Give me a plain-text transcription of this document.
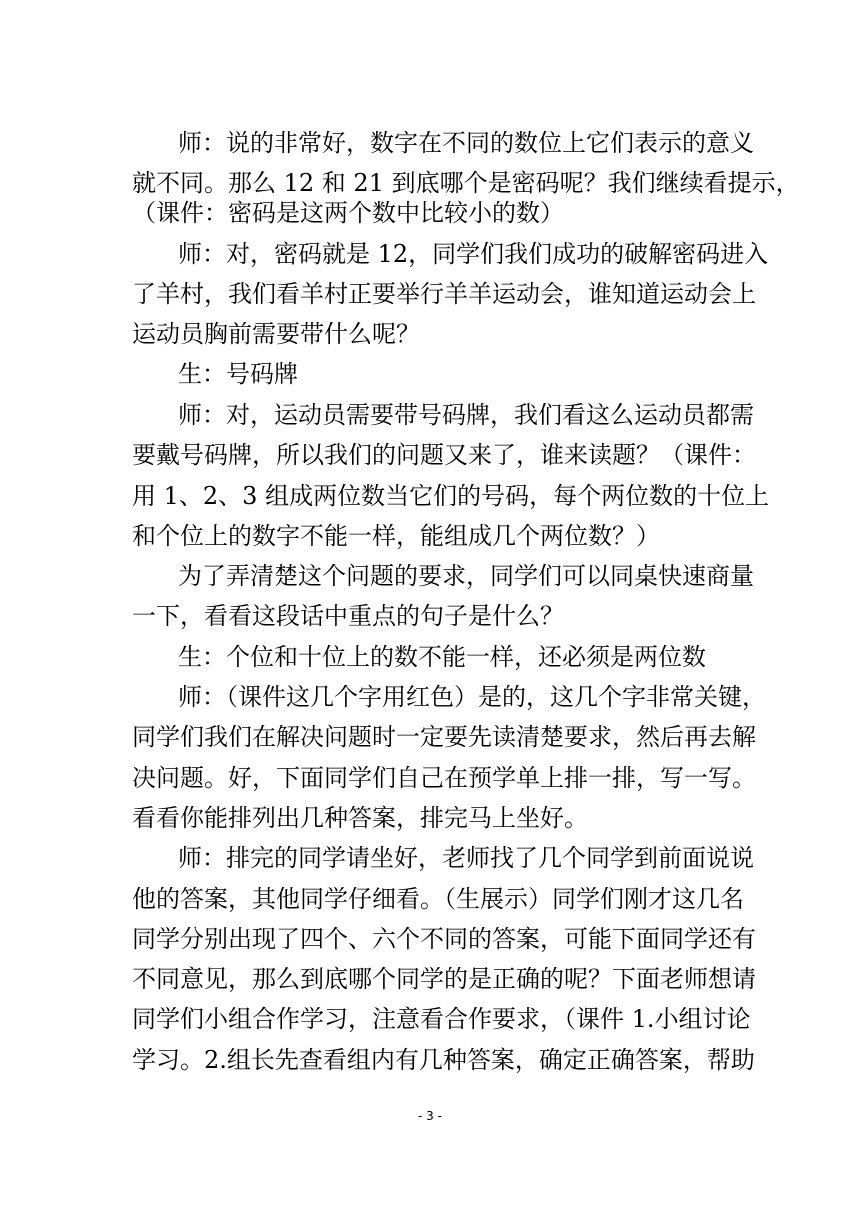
师：说的非常好，数字在不同的数位上它们表示的意义
就不同。那么 12 和 21 到底哪个是密码呢？我们继续看提示，
（课件：密码是这两个数中比较小的数）
师：对，密码就是 12，同学们我们成功的破解密码进入
了羊村，我们看羊村正要举行羊羊运动会，谁知道运动会上
运动员胸前需要带什么呢？
生：号码牌
师：对，运动员需要带号码牌，我们看这么运动员都需
要戴号码牌，所以我们的问题又来了，谁来读题？（课件：
用 1、2、3 组成两位数当它们的号码，每个两位数的十位上
和个位上的数字不能一样，能组成几个两位数？）
为了弄清楚这个问题的要求，同学们可以同桌快速商量
一下，看看这段话中重点的句子是什么？
生：个位和十位上的数不能一样，还必须是两位数
师：（课件这几个字用红色）是的，这几个字非常关键，
同学们我们在解决问题时一定要先读清楚要求，然后再去解
决问题。好，下面同学们自己在预学单上排一排，写一写。
看看你能排列出几种答案，排完马上坐好。
师：排完的同学请坐好，老师找了几个同学到前面说说
他的答案，其他同学仔细看。（生展示）同学们刚才这几名
同学分别出现了四个、六个不同的答案，可能下面同学还有
不同意见，那么到底哪个同学的是正确的呢？下面老师想请
同学们小组合作学习，注意看合作要求，（课件 1.小组讨论
学习。2.组长先查看组内有几种答案，确定正确答案，帮助
- 3 -
